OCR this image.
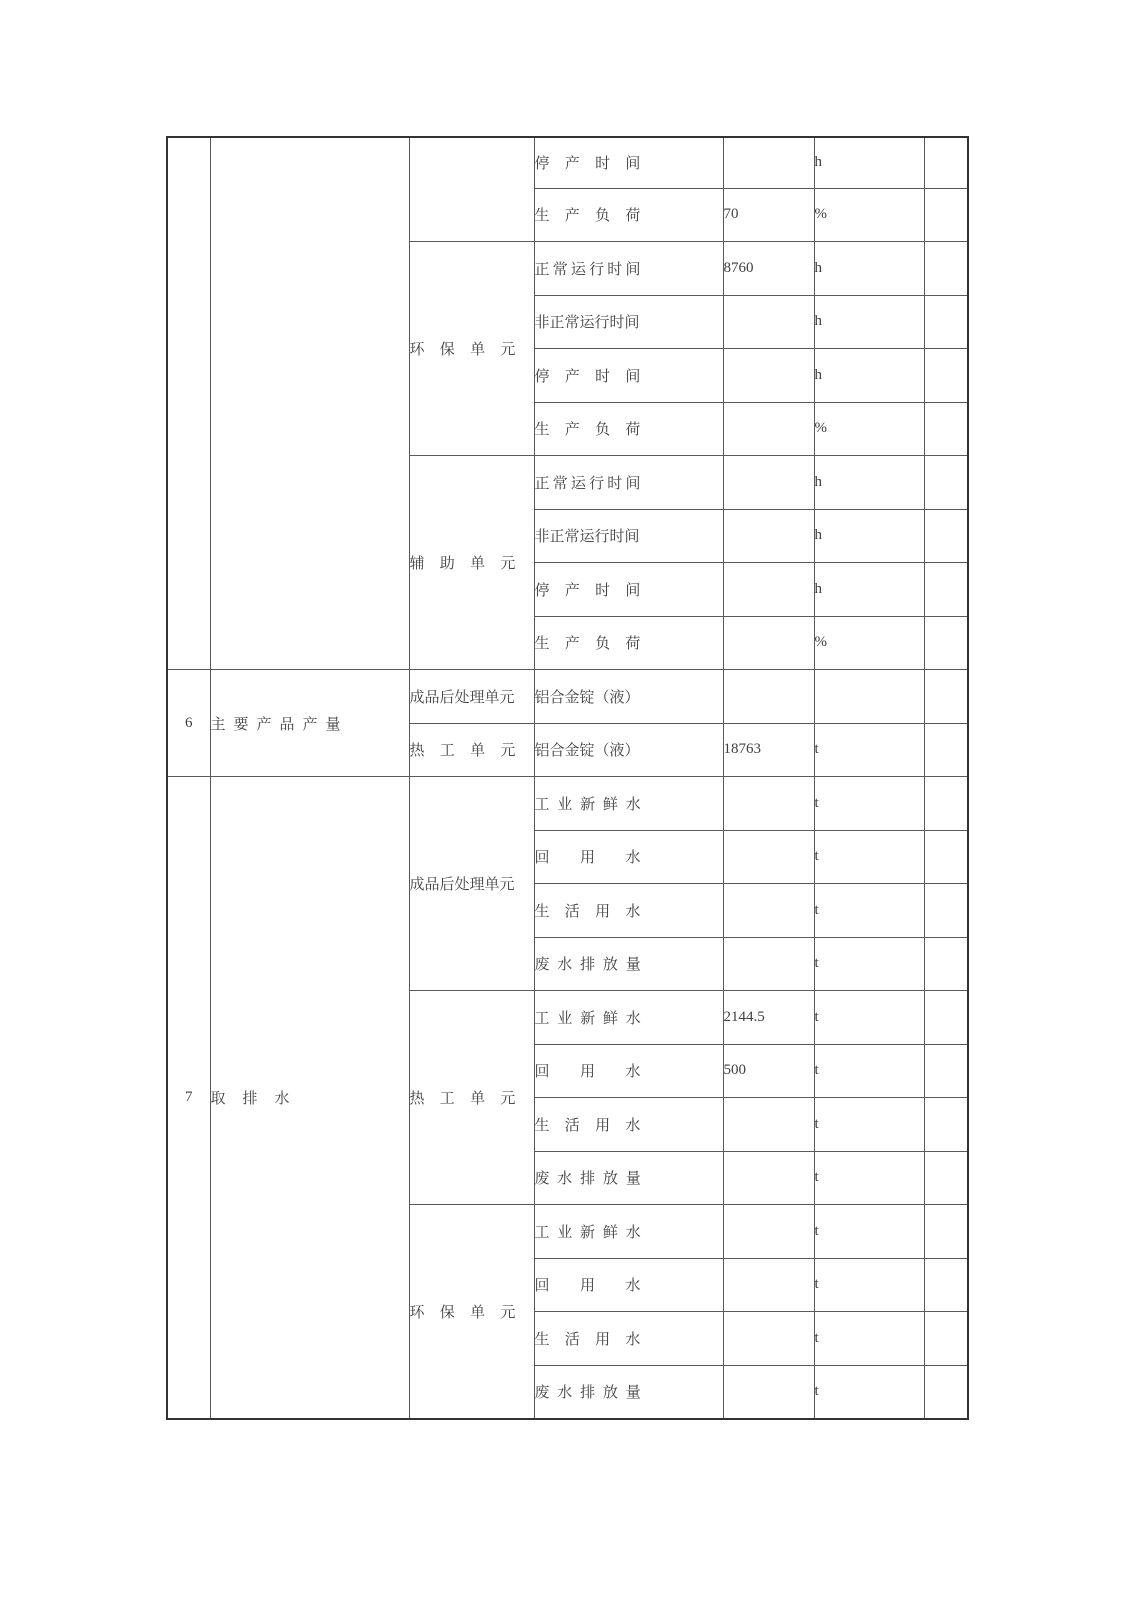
			停产时间		h	
			生产负荷	70	%	
		环保单元	正常运行时间	8760	h	
			非正常运行时间		h	
			停产时间		h	
			生产负荷		%	
		辅助单元	正常运行时间		h	
			非正常运行时间		h	
			停产时间		h	
			生产负荷		%	
6	主要产品产量	成品后处理单元	铝合金锭（液）			
		热工单元	铝合金锭（液）	18763	t	
7	取排水	成品后处理单元	工业新鲜水		t	
			回用水		t	
			生活用水		t	
			废水排放量		t	
		热工单元	工业新鲜水	2144.5	t	
			回用水	500	t	
			生活用水		t	
			废水排放量		t	
		环保单元	工业新鲜水		t	
			回用水		t	
			生活用水		t	
			废水排放量		t	
